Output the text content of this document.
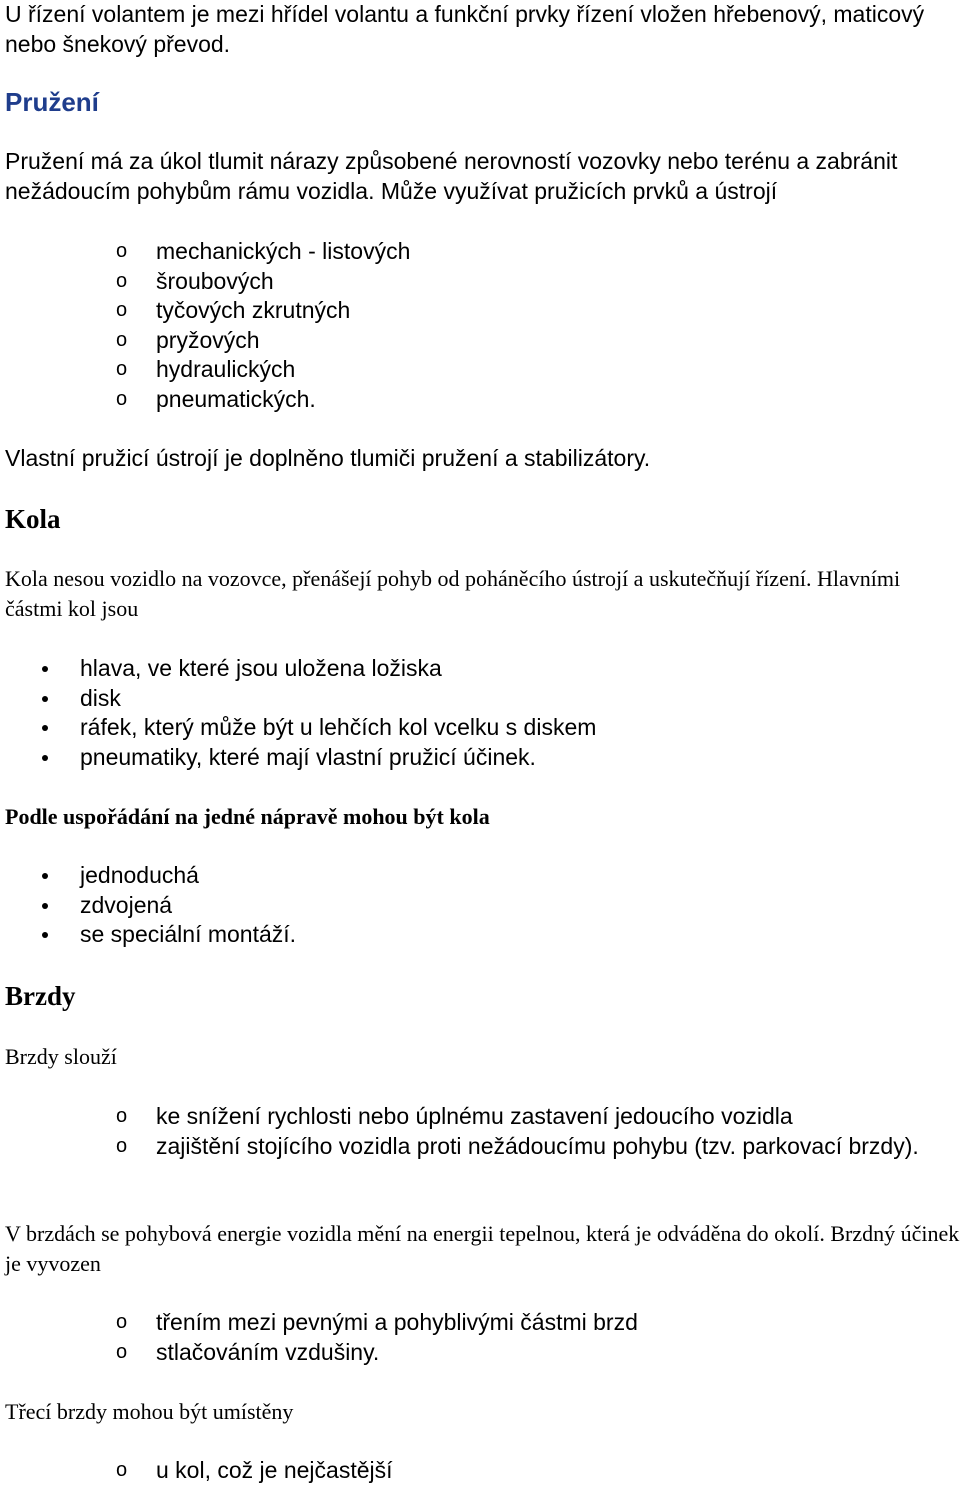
U řízení volantem je mezi hřídel volantu a funkční prvky řízení vložen hřebenový, maticový nebo šnekový převod.

Pružení

Pružení má za úkol tlumit nárazy způsobené nerovností vozovky nebo terénu a zabránit nežádoucím pohybům rámu vozidla. Může využívat pružicích prvků a ústrojí

o mechanických - listových
o šroubových
o tyčových zkrutných
o pryžových
o hydraulických
o pneumatických.

Vlastní pružicí ústrojí je doplněno tlumiči pružení a stabilizátory.

Kola

Kola nesou vozidlo na vozovce, přenášejí pohyb od poháněcího ústrojí a uskutečňují řízení. Hlavními částmi kol jsou

hlava, ve které jsou uložena ložiska
disk
ráfek, který může být u lehčích kol vcelku s diskem
pneumatiky, které mají vlastní pružicí účinek.
Podle uspořádání na jedné nápravě mohou být kola
jednoduchá
zdvojená
se speciální montáží.
Brzdy

Brzdy slouží

o ke snížení rychlosti nebo úplnému zastavení jedoucího vozidla
o zajištění stojícího vozidla proti nežádoucímu pohybu (tzv. parkovací brzdy).

V brzdách se pohybová energie vozidla mění na energii tepelnou, která je odváděna do okolí. Brzdný účinek je vyvozen

o třením mezi pevnými a pohyblivými částmi brzd
o stlačováním vzdušiny.

Třecí brzdy mohou být umístěny

o u kol, což je nejčastější
